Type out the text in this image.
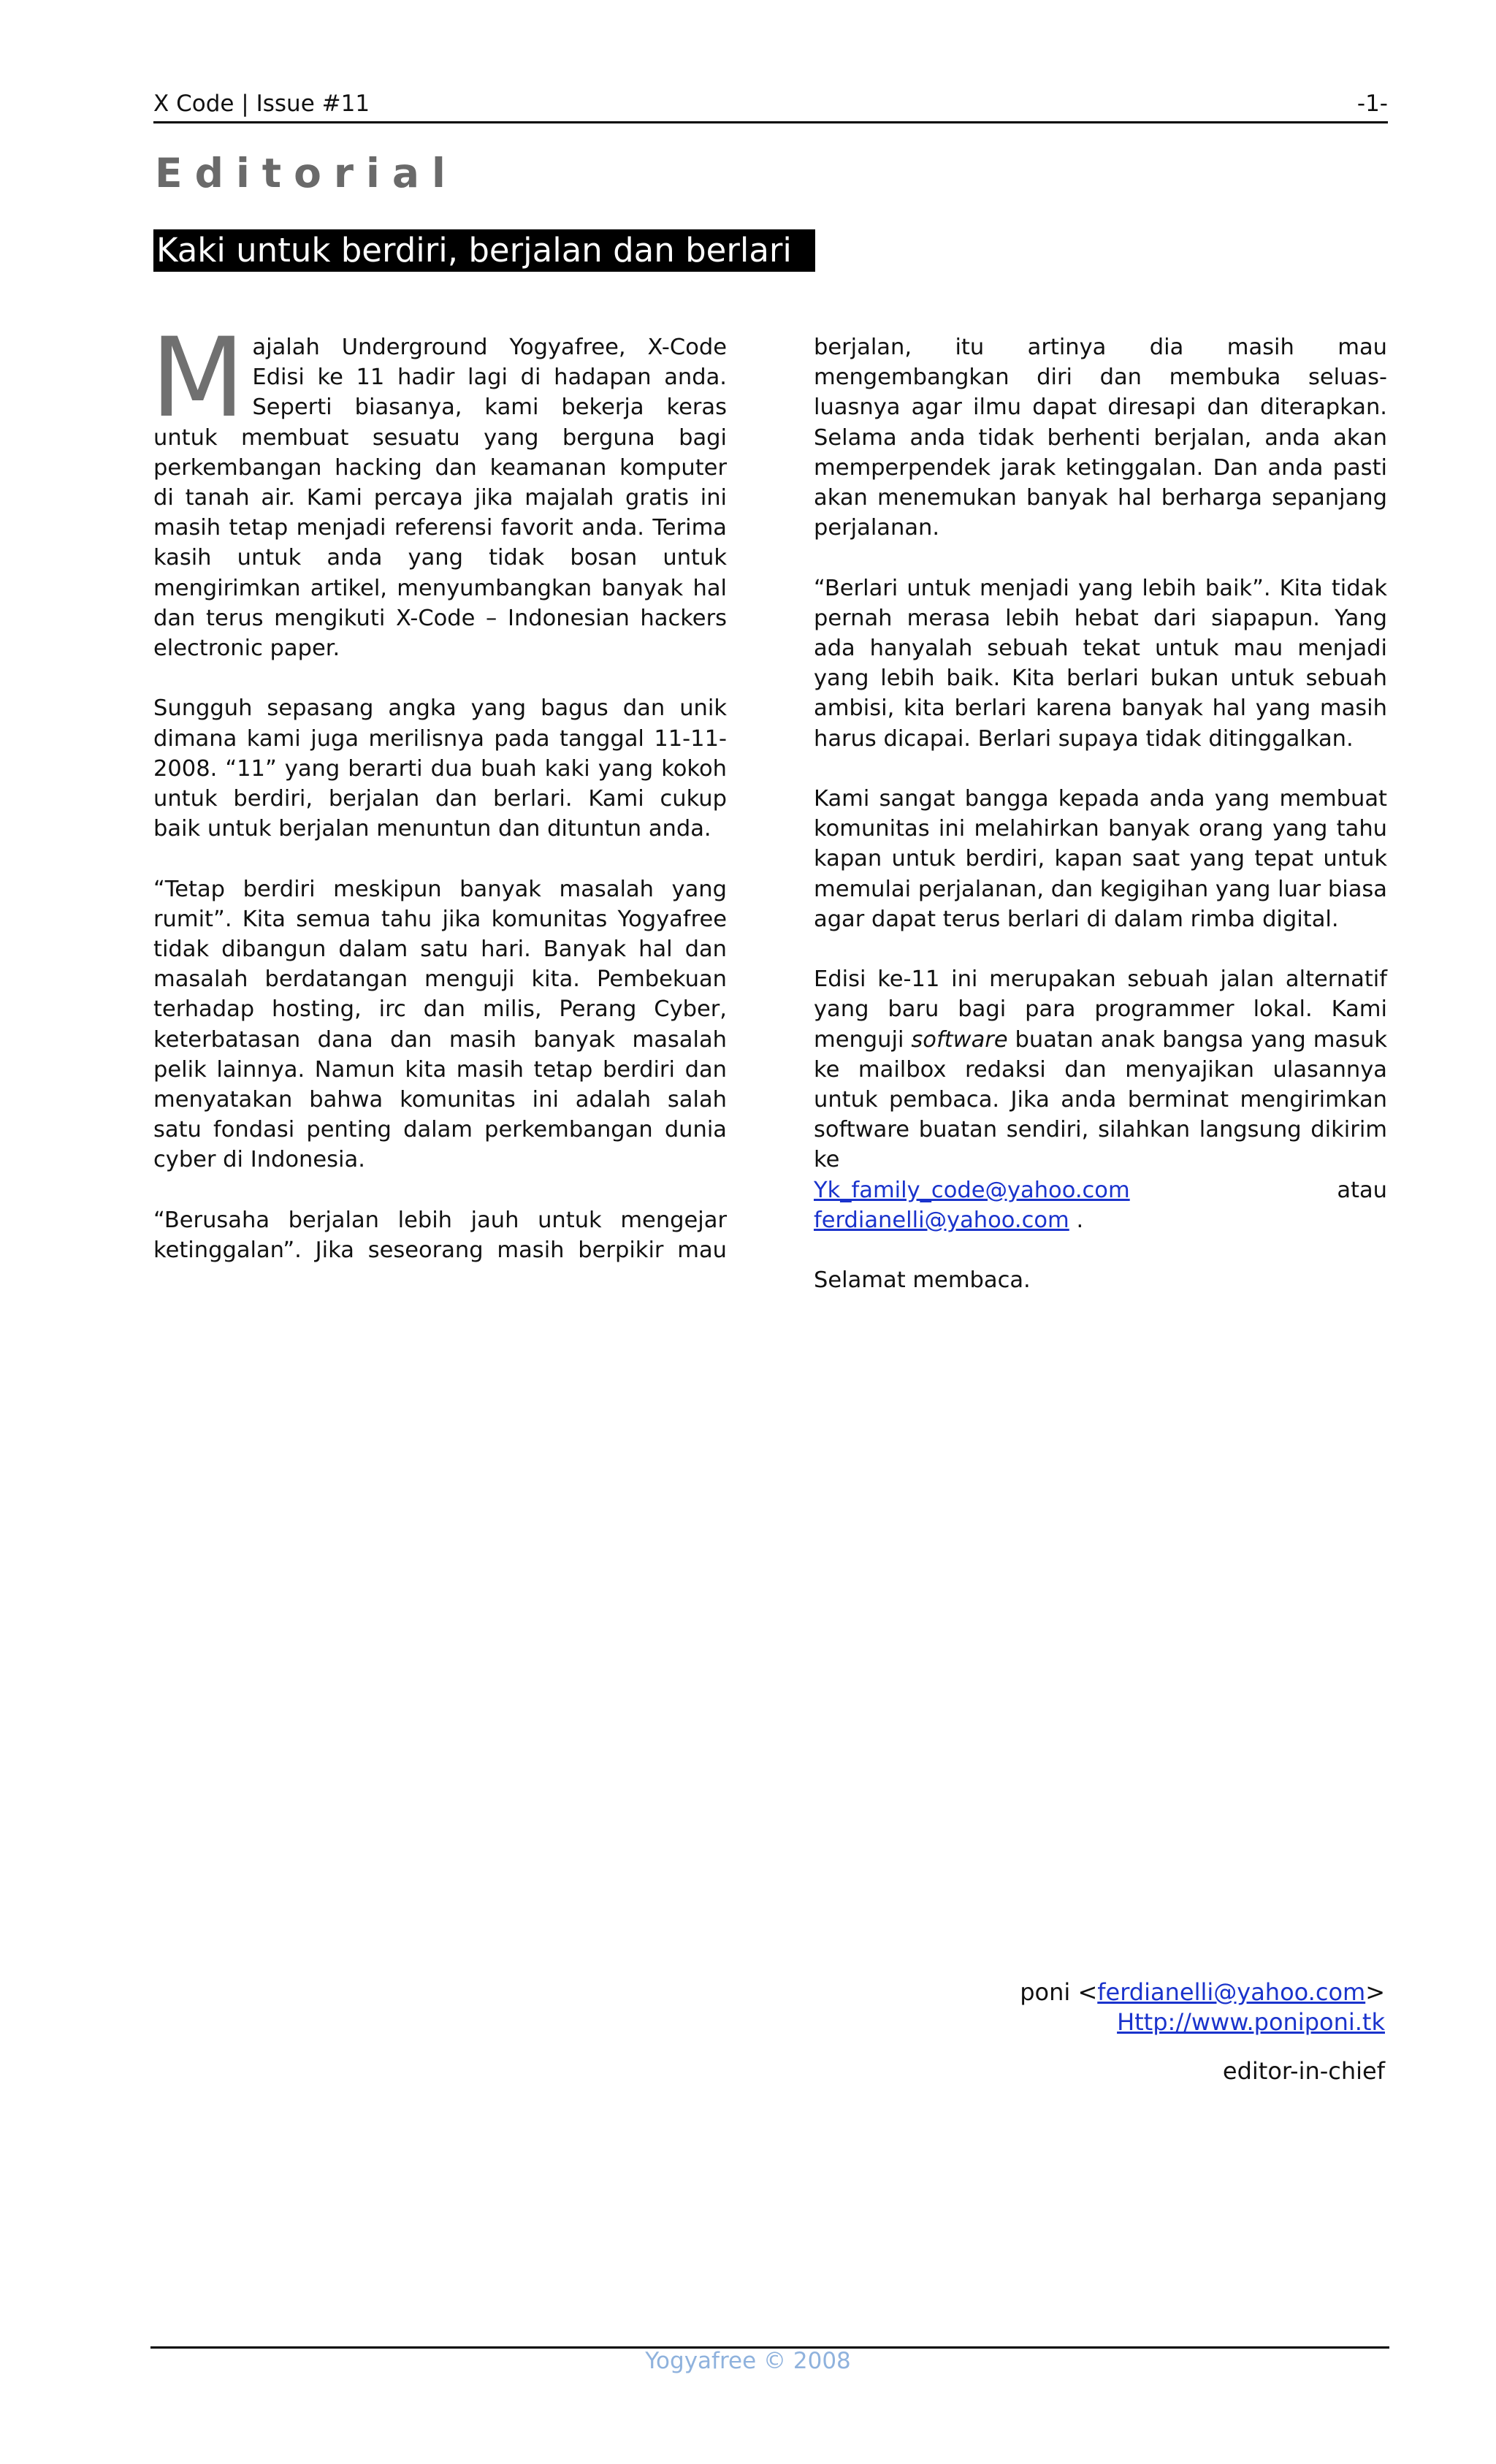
X Code | Issue #11	-1-
Editorial
Kaki untuk berdiri, berjalan dan berlari

Majalah Underground Yogyafree, X-Code Edisi ke 11 hadir lagi di hadapan anda. Seperti biasanya, kami bekerja keras untuk membuat sesuatu yang berguna bagi perkembangan hacking dan keamanan komputer di tanah air. Kami percaya jika majalah gratis ini masih tetap menjadi referensi favorit anda. Terima kasih untuk anda yang tidak bosan untuk mengirimkan artikel, menyumbangkan banyak hal dan terus mengikuti X-Code – Indonesian hackers electronic paper.

Sungguh sepasang angka yang bagus dan unik dimana kami juga merilisnya pada tanggal 11-11-2008. “11” yang berarti dua buah kaki yang kokoh untuk berdiri, berjalan dan berlari. Kami cukup baik untuk berjalan menuntun dan dituntun anda.

“Tetap berdiri meskipun banyak masalah yang rumit”. Kita semua tahu jika komunitas Yogyafree tidak dibangun dalam satu hari. Banyak hal dan masalah berdatangan menguji kita. Pembekuan terhadap hosting, irc dan milis, Perang Cyber, keterbatasan dana dan masih banyak masalah pelik lainnya. Namun kita masih tetap berdiri dan menyatakan bahwa komunitas ini adalah salah satu fondasi penting dalam perkembangan dunia cyber di Indonesia.

“Berusaha berjalan lebih jauh untuk mengejar ketinggalan”. Jika seseorang masih berpikir mau

berjalan, itu artinya dia masih mau mengembangkan diri dan membuka seluas-luasnya agar ilmu dapat diresapi dan diterapkan. Selama anda tidak berhenti berjalan, anda akan memperpendek jarak ketinggalan. Dan anda pasti akan menemukan banyak hal berharga sepanjang perjalanan.

“Berlari untuk menjadi yang lebih baik”. Kita tidak pernah merasa lebih hebat dari siapapun. Yang ada hanyalah sebuah tekat untuk mau menjadi yang lebih baik. Kita berlari bukan untuk sebuah ambisi, kita berlari karena banyak hal yang masih harus dicapai. Berlari supaya tidak ditinggalkan.

Kami sangat bangga kepada anda yang membuat komunitas ini melahirkan banyak orang yang tahu kapan untuk berdiri, kapan saat yang tepat untuk memulai perjalanan, dan kegigihan yang luar biasa agar dapat terus berlari di dalam rimba digital.

Edisi ke-11 ini merupakan sebuah jalan alternatif yang baru bagi para programmer lokal. Kami menguji software buatan anak bangsa yang masuk ke mailbox redaksi dan menyajikan ulasannya untuk pembaca. Jika anda berminat mengirimkan software buatan sendiri, silahkan langsung dikirim ke

Yk_family_code@yahoo.com	atau
ferdianelli@yahoo.com .

Selamat membaca.

poni <ferdianelli@yahoo.com>
Http://www.poniponi.tk
editor-in-chief
Yogyafree © 2008
